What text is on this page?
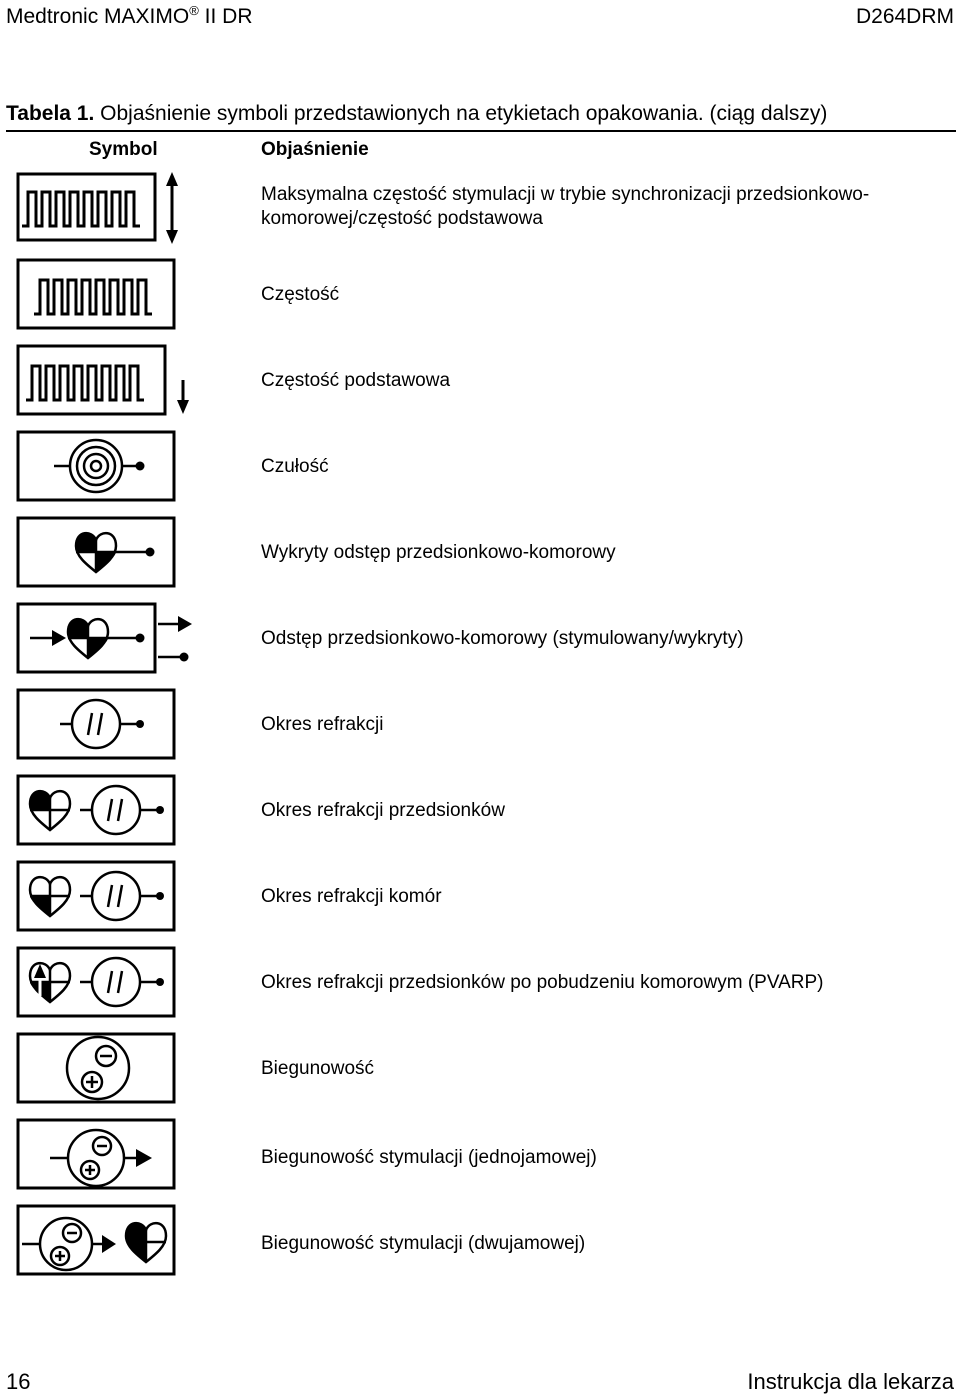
Medtronic MAXIMO® II DR	D264DRM
Tabela 1. Objaśnienie symboli przedstawionych na etykietach opakowania. (ciąg dalszy)
Symbol	Objaśnienie
Maksymalna częstość stymulacji w trybie synchronizacji przedsionkowo-komorowej/częstość podstawowa
Częstość
Częstość podstawowa
Czułość
Wykryty odstęp przedsionkowo-komorowy
Odstęp przedsionkowo-komorowy (stymulowany/wykryty)
Okres refrakcji
Okres refrakcji przedsionków
Okres refrakcji komór
Okres refrakcji przedsionków po pobudzeniu komorowym (PVARP)
Biegunowość
Biegunowość stymulacji (jednojamowej)
Biegunowość stymulacji (dwujamowej)
16	Instrukcja dla lekarza
